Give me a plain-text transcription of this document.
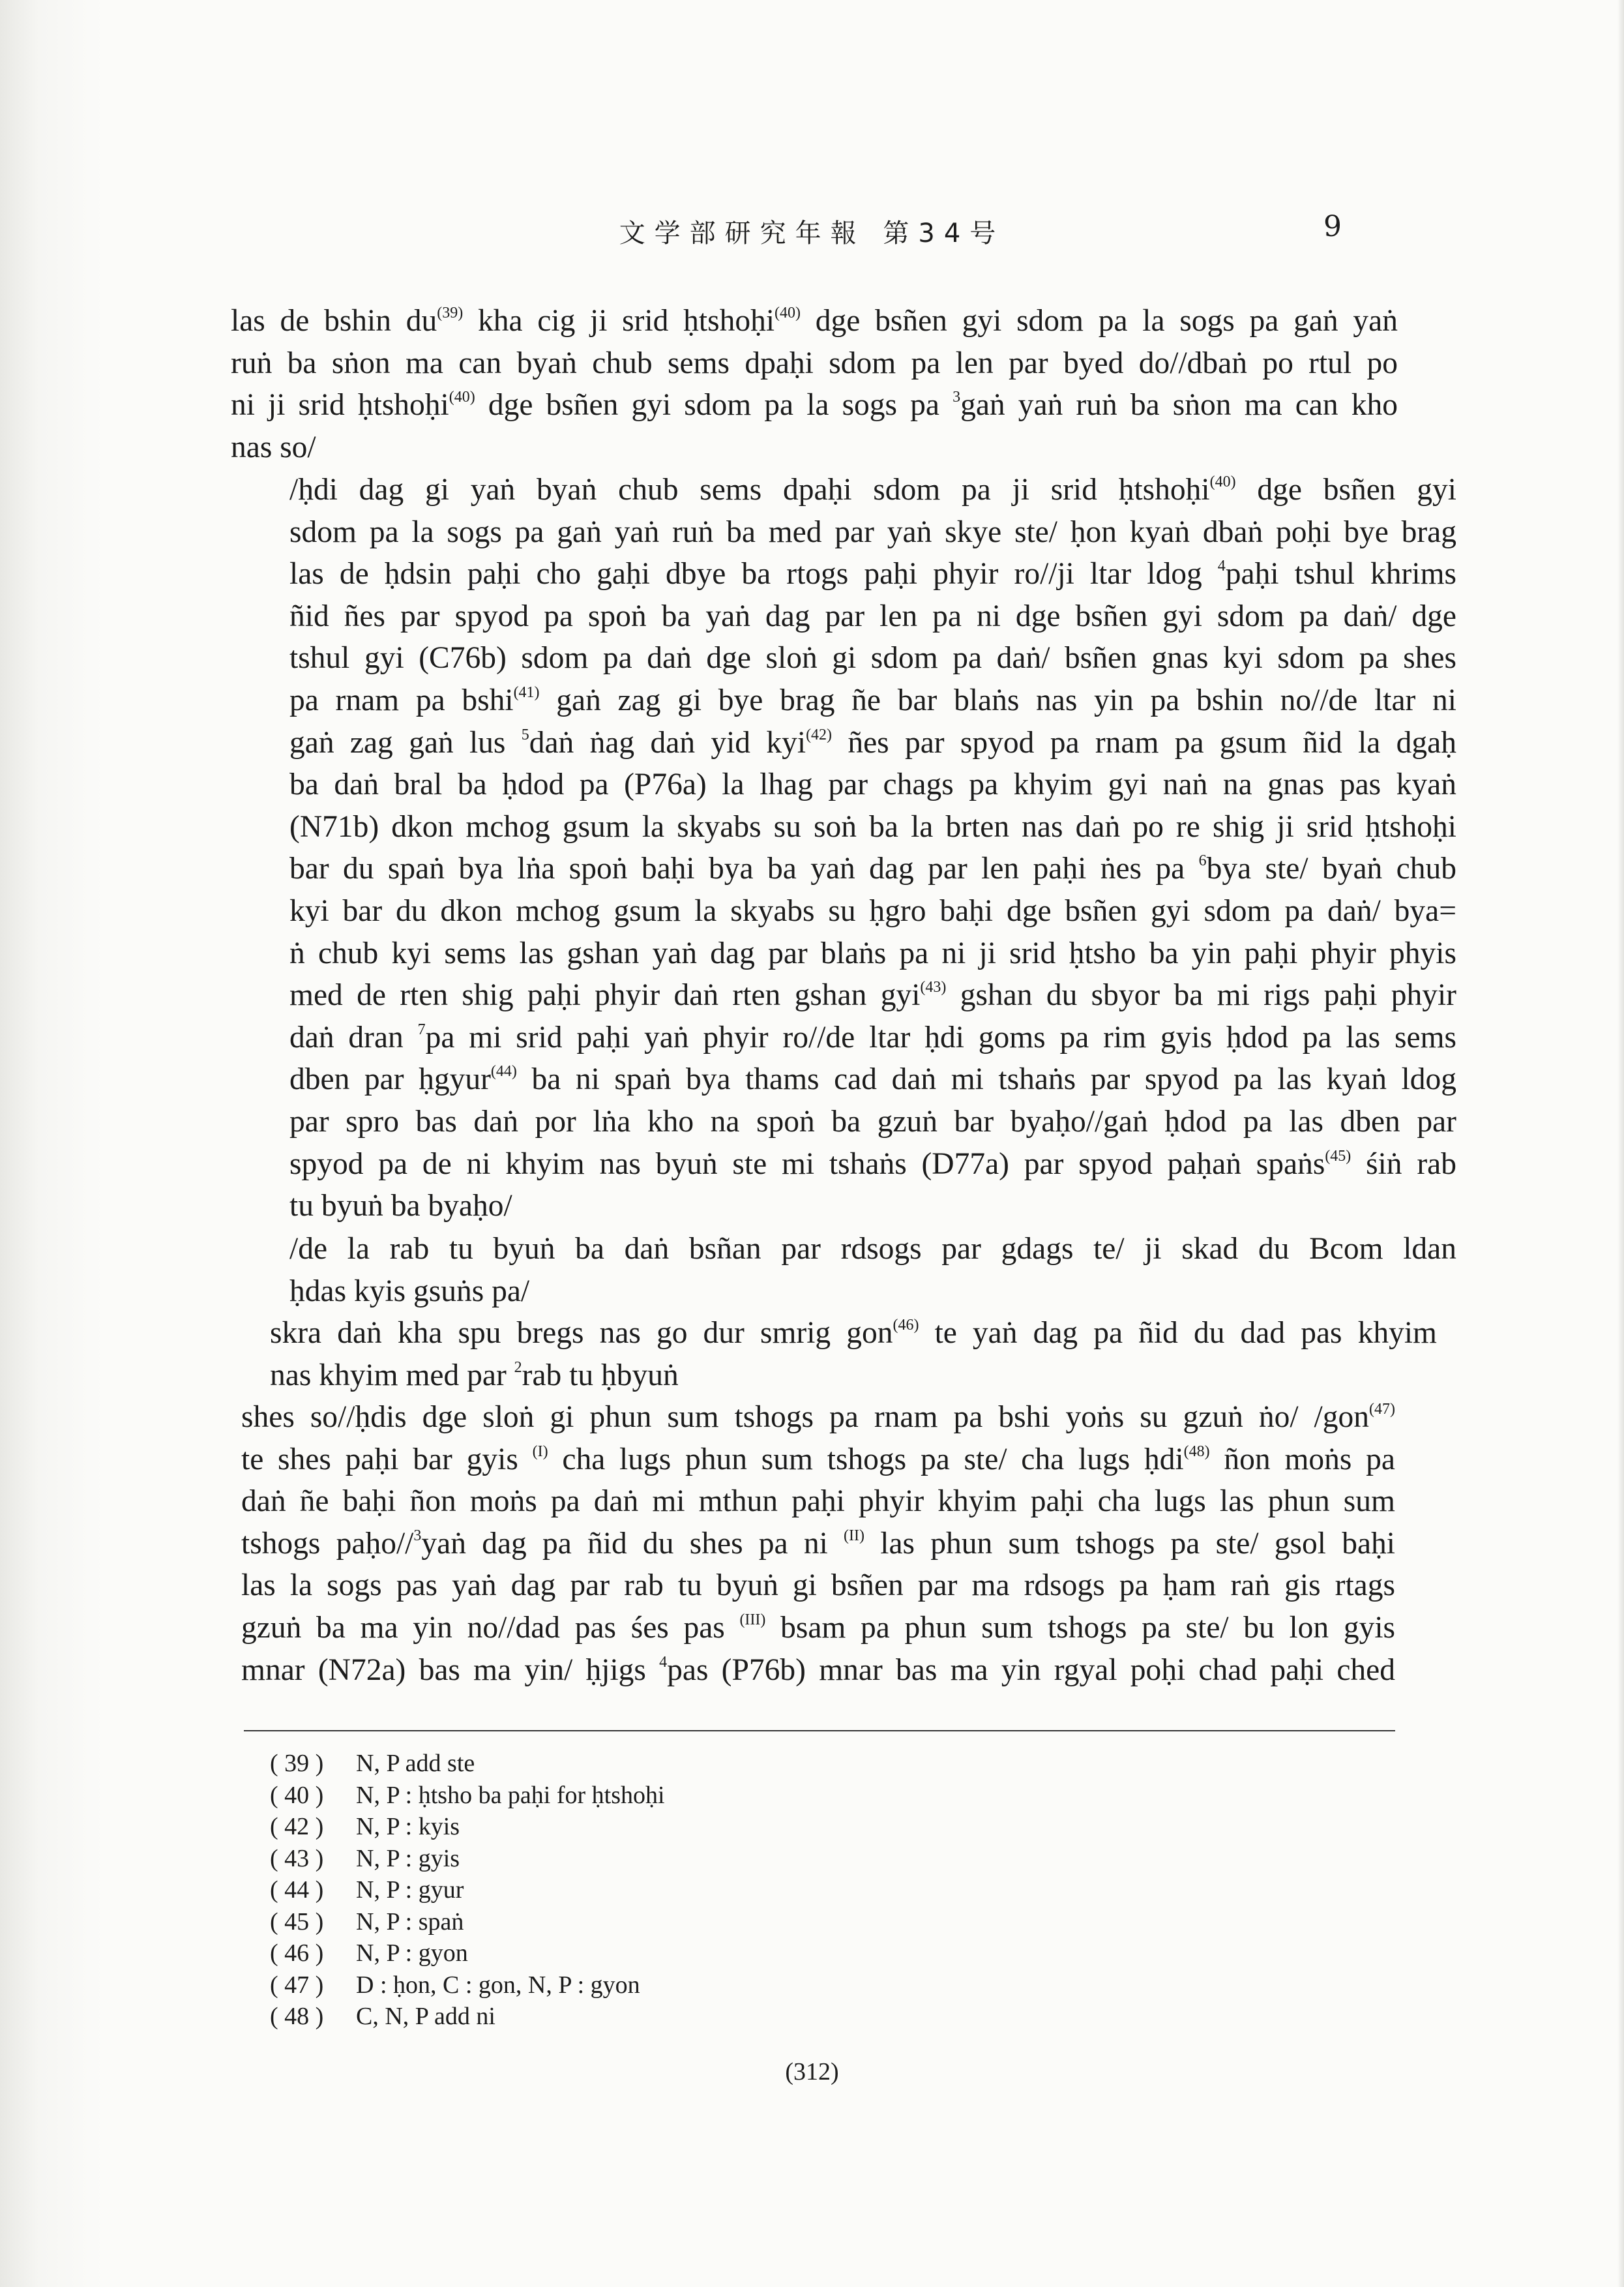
文学部研究年報 第34号	9
las de bshin $du^{(39)}$ kha cig ji srid ḥtshoḥi$^{(40)}$ dge bsñen gyi sdom pa la sogs pa gaṅ yaṅ
ruṅ ba sṅon ma can byaṅ chub sems dpaḥi sdom pa len par byed do//dbaṅ po rtul po
ni ji srid ḥtshoḥi$^{(40)}$ dge bsñen gyi sdom pa la sogs pa $^3$gaṅ yaṅ ruṅ ba sṅon ma can kho
nas so/
/ḥdi dag gi yaṅ byaṅ chub sems dpaḥi sdom pa ji srid ḥtshoḥi$^{(40)}$ dge bsñen gyi
sdom pa la sogs pa gaṅ yaṅ ruṅ ba med par yaṅ skye ste/ ḥon kyaṅ dbaṅ poḥi bye brag
las de ḥdsin paḥi cho gaḥi dbye ba rtogs paḥi phyir ro//ji ltar ldog $^4$paḥi tshul khrims
ñid ñes par spyod pa spoṅ ba yaṅ dag par len pa ni dge bsñen gyi sdom pa daṅ/ dge
tshul gyi (C76b) sdom pa daṅ dge sloṅ gi sdom pa daṅ/ bsñen gnas kyi sdom pa shes
pa rnam pa bshi$^{(41)}$ gaṅ zag gi bye brag ñe bar blaṅs nas yin pa bshin no//de ltar ni
gaṅ zag gaṅ lus $^5$daṅ ṅag daṅ yid kyi$^{(42)}$ ñes par spyod pa rnam pa gsum ñid la dgaḥ
ba daṅ bral ba ḥdod pa (P76a) la lhag par chags pa khyim gyi naṅ na gnas pas kyaṅ
(N71b) dkon mchog gsum la skyabs su soṅ ba la brten nas daṅ po re shig ji srid ḥtshoḥi
bar du spaṅ bya lṅa spoṅ baḥi bya ba yaṅ dag par len paḥi ṅes pa $^6$bya ste/ byaṅ chub
kyi bar du dkon mchog gsum la skyabs su ḥgro baḥi dge bsñen gyi sdom pa daṅ/ bya=
ṅ chub kyi sems las gshan yaṅ dag par blaṅs pa ni ji srid ḥtsho ba yin paḥi phyir phyis
med de rten shig paḥi phyir daṅ rten gshan gyi$^{(43)}$ gshan du sbyor ba mi rigs paḥi phyir
daṅ dran $^7$pa mi srid paḥi yaṅ phyir ro//de ltar ḥdi goms pa rim gyis ḥdod pa las sems
dben par ḥgyur$^{(44)}$ ba ni spaṅ bya thams cad daṅ mi tshaṅs par spyod pa las kyaṅ ldog
par spro bas daṅ por lṅa kho na spoṅ ba gzuṅ bar byaḥo//gaṅ ḥdod pa las dben par
spyod pa de ni khyim nas byuṅ ste mi tshaṅs (D77a) par spyod paḥaṅ spaṅs$^{(45)}$ śiṅ rab
tu byuṅ ba byaḥo/
/de la rab tu byuṅ ba daṅ bsñan par rdsogs par gdags te/ ji skad du Bcom ldan
ḥdas kyis gsuṅs pa/
skra daṅ kha spu bregs nas go dur smrig gon$^{(46)}$ te yaṅ dag pa ñid du dad pas khyim
nas khyim med par $^2$rab tu ḥbyuṅ
shes so//ḥdis dge sloṅ gi phun sum tshogs pa rnam pa bshi yoṅs su gzuṅ ṅo/ /gon$^{(47)}$
te shes paḥi bar gyis $^{(I)}$ cha lugs phun sum tshogs pa ste/ cha lugs ḥdi$^{(48)}$ ñon moṅs pa
daṅ ñe baḥi ñon moṅs pa daṅ mi mthun paḥi phyir khyim paḥi cha lugs las phun sum
tshogs paḥo//$^3$yaṅ dag pa ñid du shes pa ni $^{(II)}$ las phun sum tshogs pa ste/ gsol baḥi
las la sogs pas yaṅ dag par rab tu byuṅ gi bsñen par ma rdsogs pa ḥam raṅ gis rtags
gzuṅ ba ma yin no//dad pas śes pas $^{(III)}$ bsam pa phun sum tshogs pa ste/ bu lon gyis
mnar (N72a) bas ma yin/ ḥjigs $^4$pas (P76b) mnar bas ma yin rgyal poḥi chad paḥi ched
( 39 ) N, P add ste
( 40 ) N, P : ḥtsho ba paḥi for ḥtshoḥi
( 42 ) N, P : kyis
( 43 ) N, P : gyis
( 44 ) N, P : gyur
( 45 ) N, P : spaṅ
( 46 ) N, P : gyon
( 47 ) D : ḥon, C : gon, N, P : gyon
( 48 ) C, N, P add ni
(312)
